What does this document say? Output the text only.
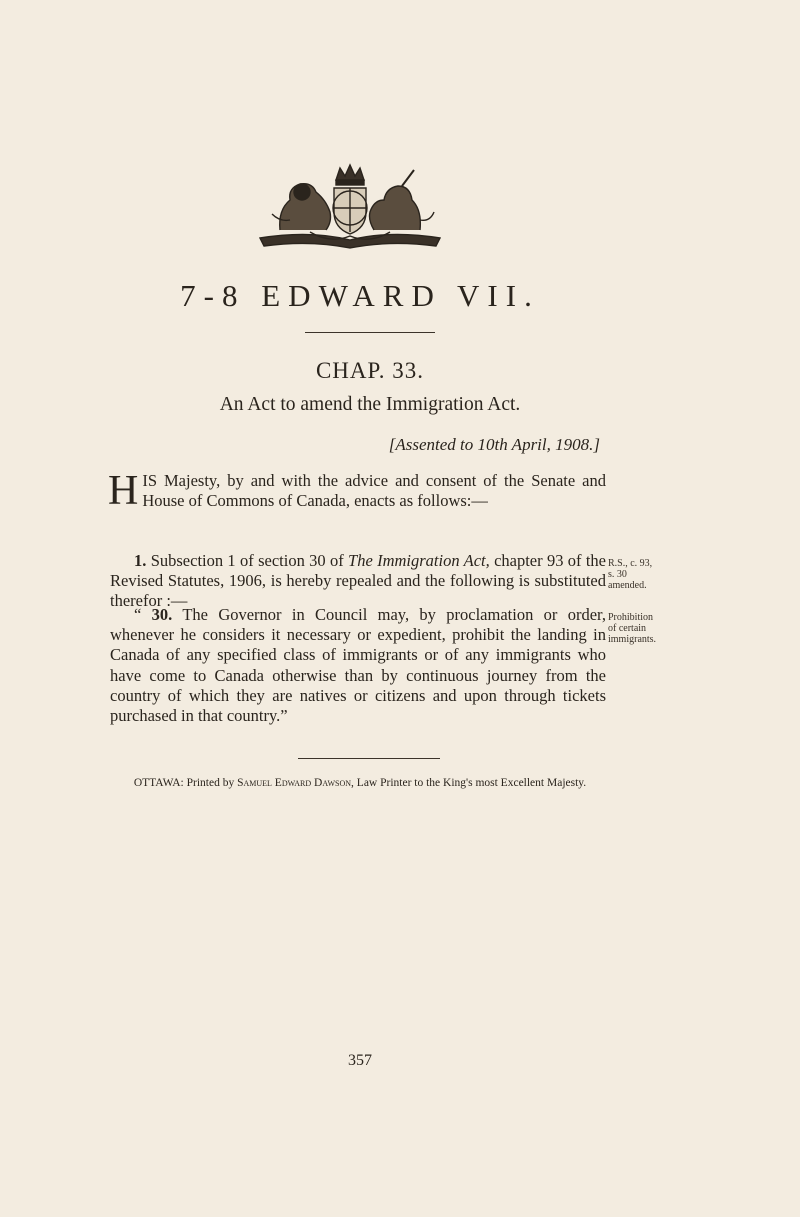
7-8 EDWARD VII.
CHAP. 33.
An Act to amend the Immigration Act.
[Assented to 10th April, 1908.]
HIS Majesty, by and with the advice and consent of the Senate and House of Commons of Canada, enacts as follows:—
1. Subsection 1 of section 30 of The Immigration Act, chapter 93 of the Revised Statutes, 1906, is hereby repealed and the following is substituted therefor :—
“ 30. The Governor in Council may, by proclamation or order, whenever he considers it necessary or expedient, prohibit the landing in Canada of any specified class of immigrants or of any immigrants who have come to Canada otherwise than by continuous journey from the country of which they are natives or citizens and upon through tickets purchased in that country.”
R.S., c. 93,
s. 30
amended.
Prohibition
of certain
immigrants.
OTTAWA: Printed by Samuel Edward Dawson, Law Printer to the King's most Excellent Majesty.
357
